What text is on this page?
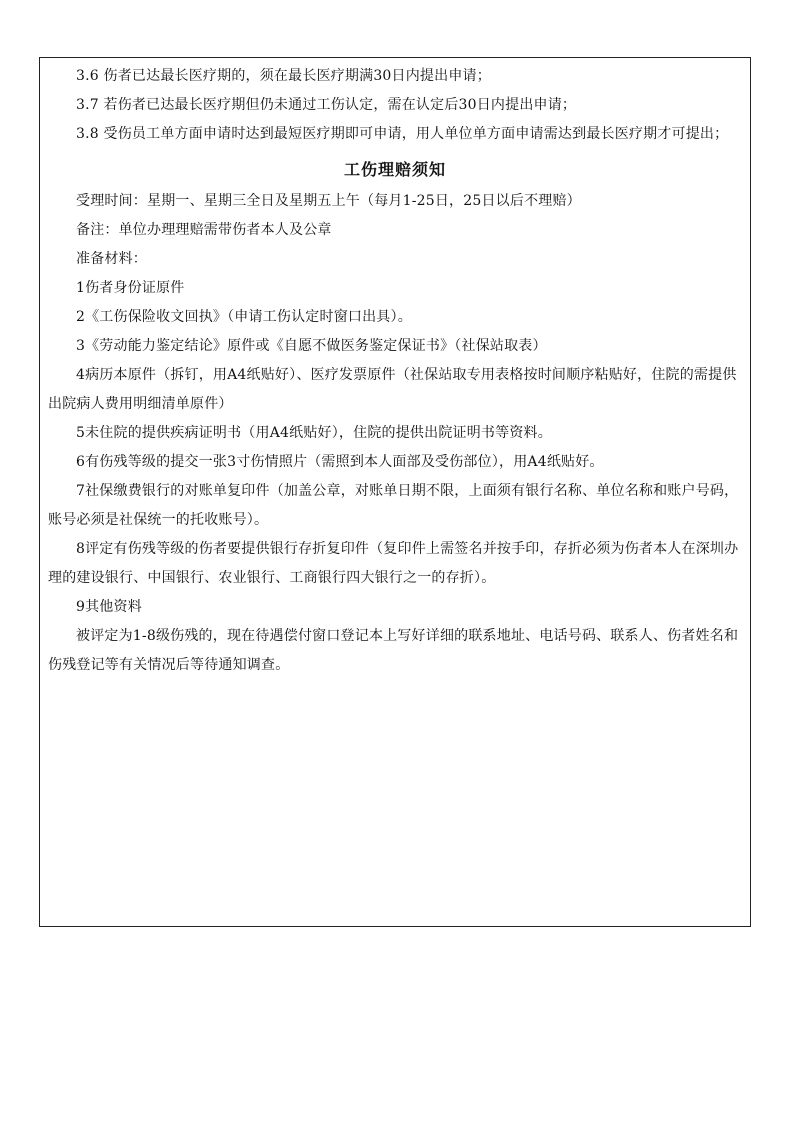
3.6 伤者已达最长医疗期的，须在最长医疗期满30日内提出申请；

3.7 若伤者已达最长医疗期但仍未通过工伤认定，需在认定后30日内提出申请；

3.8 受伤员工单方面申请时达到最短医疗期即可申请，用人单位单方面申请需达到最长医疗期才可提出；

工伤理赔须知

受理时间：星期一、星期三全日及星期五上午（每月1-25日，25日以后不理赔）

备注：单位办理理赔需带伤者本人及公章

准备材料：

1伤者身份证原件

2《工伤保险收文回执》（申请工伤认定时窗口出具）。

3《劳动能力鉴定结论》原件或《自愿不做医务鉴定保证书》（社保站取表）

4病历本原件（拆钉，用A4纸贴好）、医疗发票原件（社保站取专用表格按时间顺序粘贴好，住院的需提供出院病人费用明细清单原件）

5未住院的提供疾病证明书（用A4纸贴好），住院的提供出院证明书等资料。

6有伤残等级的提交一张3寸伤情照片（需照到本人面部及受伤部位），用A4纸贴好。

7社保缴费银行的对账单复印件（加盖公章，对账单日期不限，上面须有银行名称、单位名称和账户号码，账号必须是社保统一的托收账号）。

8评定有伤残等级的伤者要提供银行存折复印件（复印件上需签名并按手印，存折必须为伤者本人在深圳办理的建设银行、中国银行、农业银行、工商银行四大银行之一的存折）。

9其他资料

被评定为1-8级伤残的，现在待遇偿付窗口登记本上写好详细的联系地址、电话号码、联系人、伤者姓名和伤残登记等有关情况后等待通知调查。
